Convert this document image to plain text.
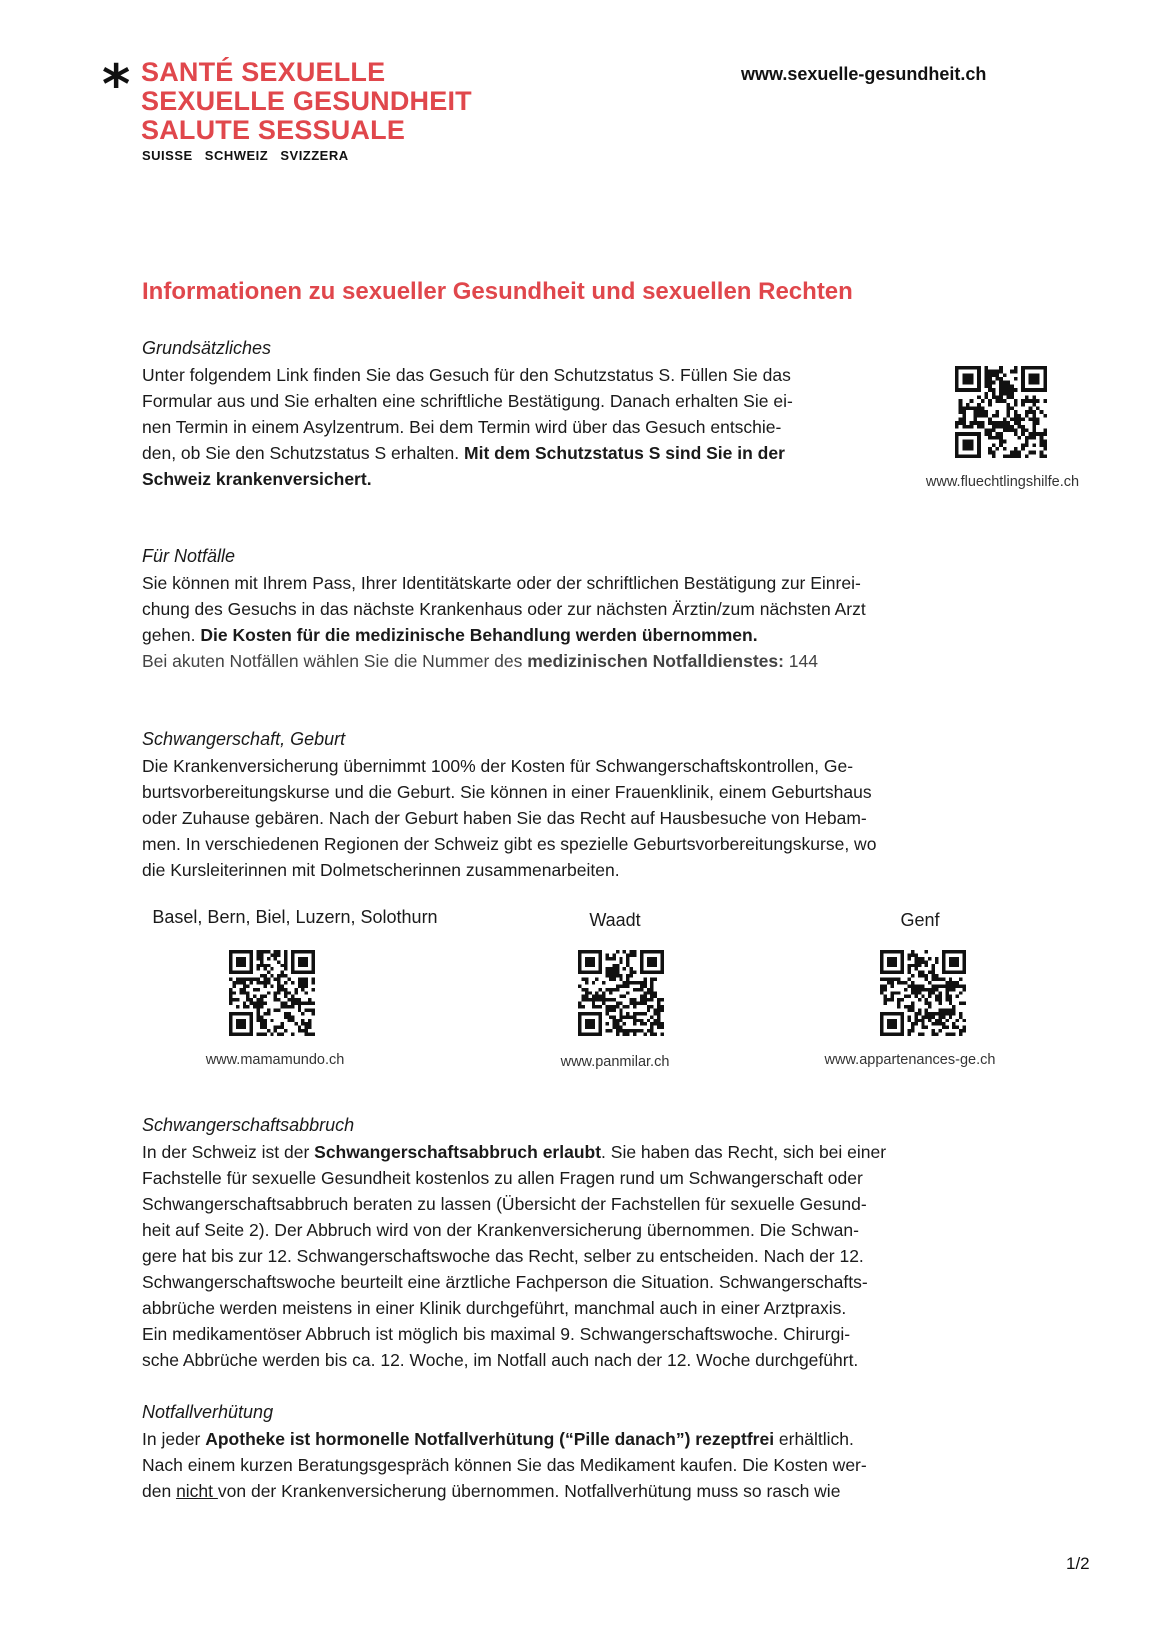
* SANTÉ SEXUELLE
SEXUELLE GESUNDHEIT
SALUTE SESSUALE
SUISSE SCHWEIZ SVIZZERA
www.sexuelle-gesundheit.ch
Informationen zu sexueller Gesundheit und sexuellen Rechten
Grundsätzliches
Unter folgendem Link finden Sie das Gesuch für den Schutzstatus S. Füllen Sie das
Formular aus und Sie erhalten eine schriftliche Bestätigung. Danach erhalten Sie ei-
nen Termin in einem Asylzentrum. Bei dem Termin wird über das Gesuch entschie-
den, ob Sie den Schutzstatus S erhalten. Mit dem Schutzstatus S sind Sie in der
Schweiz krankenversichert.	www.fluechtlingshilfe.ch
Für Notfälle
Sie können mit Ihrem Pass, Ihrer Identitätskarte oder der schriftlichen Bestätigung zur Einrei-
chung des Gesuchs in das nächste Krankenhaus oder zur nächsten Ärztin/zum nächsten Arzt
gehen. Die Kosten für die medizinische Behandlung werden übernommen.
Bei akuten Notfällen wählen Sie die Nummer des medizinischen Notfalldienstes: 144
Schwangerschaft, Geburt
Die Krankenversicherung übernimmt 100% der Kosten für Schwangerschaftskontrollen, Ge-
burtsvorbereitungskurse und die Geburt. Sie können in einer Frauenklinik, einem Geburtshaus
oder Zuhause gebären. Nach der Geburt haben Sie das Recht auf Hausbesuche von Hebam-
men. In verschiedenen Regionen der Schweiz gibt es spezielle Geburtsvorbereitungskurse, wo
die Kursleiterinnen mit Dolmetscherinnen zusammenarbeiten.
Basel, Bern, Biel, Luzern, Solothurn
www.mamamundo.ch
Waadt
www.panmilar.ch
Genf
www.appartenances-ge.ch
Schwangerschaftsabbruch
In der Schweiz ist der Schwangerschaftsabbruch erlaubt. Sie haben das Recht, sich bei einer
Fachstelle für sexuelle Gesundheit kostenlos zu allen Fragen rund um Schwangerschaft oder
Schwangerschaftsabbruch beraten zu lassen (Übersicht der Fachstellen für sexuelle Gesund-
heit auf Seite 2). Der Abbruch wird von der Krankenversicherung übernommen. Die Schwan-
gere hat bis zur 12. Schwangerschaftswoche das Recht, selber zu entscheiden. Nach der 12.
Schwangerschaftswoche beurteilt eine ärztliche Fachperson die Situation. Schwangerschafts-
abbrüche werden meistens in einer Klinik durchgeführt, manchmal auch in einer Arztpraxis.
Ein medikamentöser Abbruch ist möglich bis maximal 9. Schwangerschaftswoche. Chirurgi-
sche Abbrüche werden bis ca. 12. Woche, im Notfall auch nach der 12. Woche durchgeführt.
Notfallverhütung
In jeder Apotheke ist hormonelle Notfallverhütung (“Pille danach”) rezeptfrei erhältlich.
Nach einem kurzen Beratungsgespräch können Sie das Medikament kaufen. Die Kosten wer-
den nicht von der Krankenversicherung übernommen. Notfallverhütung muss so rasch wie
1/2
